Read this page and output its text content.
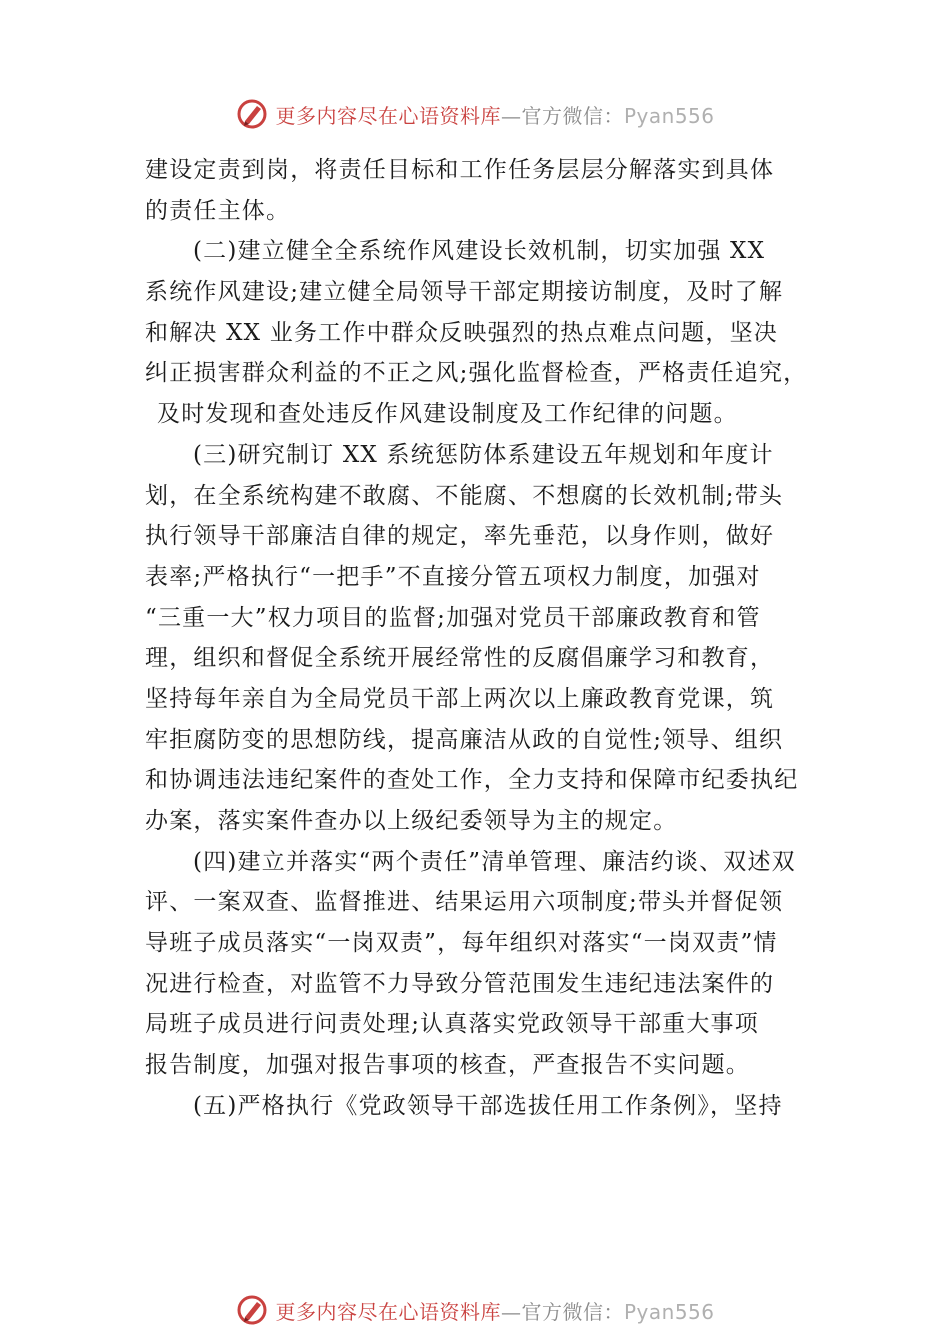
更多内容尽在心语资料库—官方微信：Pyan556
建设定责到岗，将责任目标和工作任务层层分解落实到具体
的责任主体。
(二)建立健全全系统作风建设长效机制，切实加强 XX
系统作风建设;建立健全局领导干部定期接访制度，及时了解
和解决 XX 业务工作中群众反映强烈的热点难点问题，坚决
纠正损害群众利益的不正之风;强化监督检查，严格责任追究，
及时发现和查处违反作风建设制度及工作纪律的问题。
(三)研究制订 XX 系统惩防体系建设五年规划和年度计
划，在全系统构建不敢腐、不能腐、不想腐的长效机制;带头
执行领导干部廉洁自律的规定，率先垂范，以身作则，做好
表率;严格执行“一把手”不直接分管五项权力制度，加强对
“三重一大”权力项目的监督;加强对党员干部廉政教育和管
理，组织和督促全系统开展经常性的反腐倡廉学习和教育，
坚持每年亲自为全局党员干部上两次以上廉政教育党课，筑
牢拒腐防变的思想防线，提高廉洁从政的自觉性;领导、组织
和协调违法违纪案件的查处工作，全力支持和保障市纪委执纪
办案，落实案件查办以上级纪委领导为主的规定。
(四)建立并落实“两个责任”清单管理、廉洁约谈、双述双
评、一案双查、监督推进、结果运用六项制度;带头并督促领
导班子成员落实“一岗双责”，每年组织对落实“一岗双责”情
况进行检查，对监管不力导致分管范围发生违纪违法案件的
局班子成员进行问责处理;认真落实党政领导干部重大事项
报告制度，加强对报告事项的核查，严查报告不实问题。
(五)严格执行《党政领导干部选拔任用工作条例》，坚持
更多内容尽在心语资料库—官方微信：Pyan556
